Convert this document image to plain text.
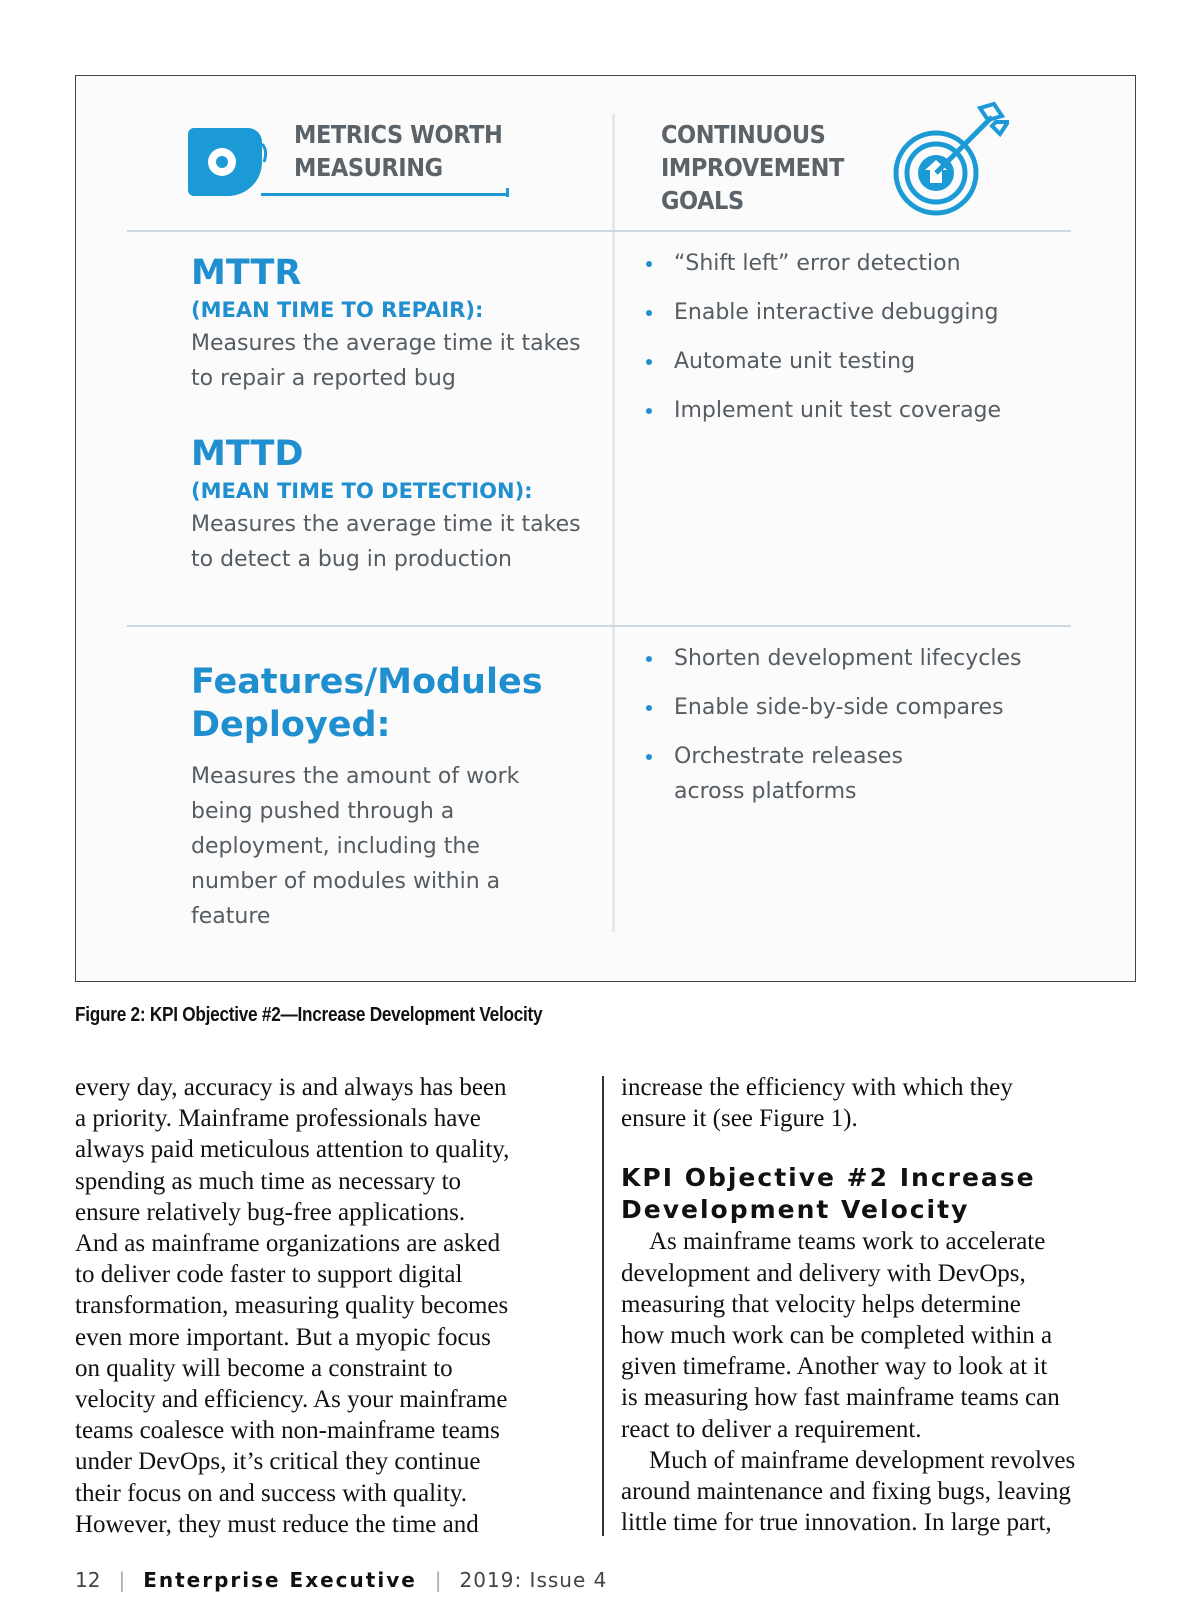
METRICS WORTH
MEASURING
CONTINUOUS
IMPROVEMENT
GOALS
MTTR
(MEAN TIME TO REPAIR):
Measures the average time it takes to repair a reported bug
MTTD
(MEAN TIME TO DETECTION):
Measures the average time it takes to detect a bug in production
Features/Modules Deployed:
Measures the amount of work being pushed through a deployment, including the number of modules within a feature
“Shift left” error detection
Enable interactive debugging
Automate unit testing
Implement unit test coverage
Shorten development lifecycles
Enable side-by-side compares
Orchestrate releases across platforms
Figure 2: KPI Objective #2—Increase Development Velocity

every day, accuracy is and always has been
a priority. Mainframe professionals have
always paid meticulous attention to quality,
spending as much time as necessary to
ensure relatively bug-free applications.
And as mainframe organizations are asked
to deliver code faster to support digital
transformation, measuring quality becomes
even more important. But a myopic focus
on quality will become a constraint to
velocity and efficiency. As your mainframe
teams coalesce with non-mainframe teams
under DevOps, it’s critical they continue
their focus on and success with quality.
However, they must reduce the time and

increase the efficiency with which they
ensure it (see Figure 1).

KPI Objective #2 Increase
Development Velocity

As mainframe teams work to accelerate
development and delivery with DevOps,
measuring that velocity helps determine
how much work can be completed within a
given timeframe. Another way to look at it
is measuring how fast mainframe teams can
react to deliver a requirement.

Much of mainframe development revolves
around maintenance and fixing bugs, leaving
little time for true innovation. In large part,

12 | Enterprise Executive | 2019: Issue 4
